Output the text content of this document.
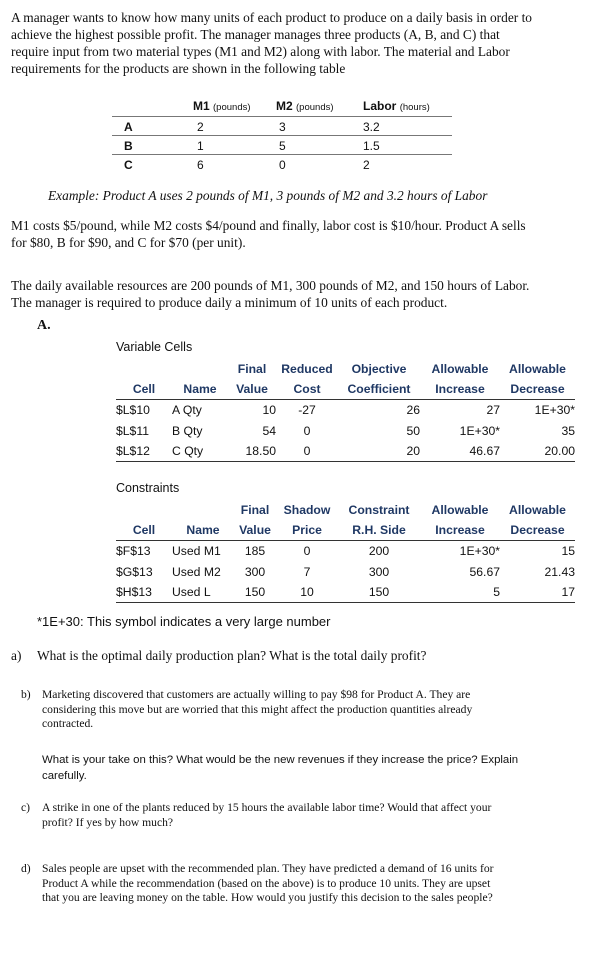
A manager wants to know how many units of each product to produce on a daily basis in order to
achieve the highest possible profit. The manager manages three products (A, B, and C) that
require input from two material types (M1 and M2) along with labor. The material and Labor
requirements for the products are shown in the following table
M1 (pounds) M2 (pounds) Labor (hours)
A	2	3	3.2
B	1	5	1.5
C	6	0	2
Example: Product A uses 2 pounds of M1, 3 pounds of M2 and 3.2 hours of Labor
M1 costs $5/pound, while M2 costs $4/pound and finally, labor cost is $10/hour. Product A sells
for $80, B for $90, and C for $70 (per unit).
The daily available resources are 200 pounds of M1, 300 pounds of M2, and 150 hours of Labor.
The manager is required to produce daily a minimum of 10 units of each product.
A.
Variable Cells
		Final	Reduced	Objective	Allowable	Allowable
Cell	Name	Value	Cost	Coefficient	Increase	Decrease
$L$10	A Qty	10	-27	26	27	1E+30*
$L$11	B Qty	54	0	50	1E+30*	35
$L$12	C Qty	18.50	0	20	46.67	20.00
Constraints
		Final	Shadow	Constraint	Allowable	Allowable
Cell	Name	Value	Price	R.H. Side	Increase	Decrease
$F$13	Used M1	185	0	200	1E+30*	15
$G$13	Used M2	300	7	300	56.67	21.43
$H$13	Used L	150	10	150	5	17
*1E+30: This symbol indicates a very large number
a) What is the optimal daily production plan? What is the total daily profit?
b) Marketing discovered that customers are actually willing to pay $98 for Product A. They are
considering this move but are worried that this might affect the production quantities already
contracted.
What is your take on this? What would be the new revenues if they increase the price? Explain
carefully.
c) A strike in one of the plants reduced by 15 hours the available labor time? Would that affect your
profit? If yes by how much?
d) Sales people are upset with the recommended plan. They have predicted a demand of 16 units for
Product A while the recommendation (based on the above) is to produce 10 units. They are upset
that you are leaving money on the table. How would you justify this decision to the sales people?
